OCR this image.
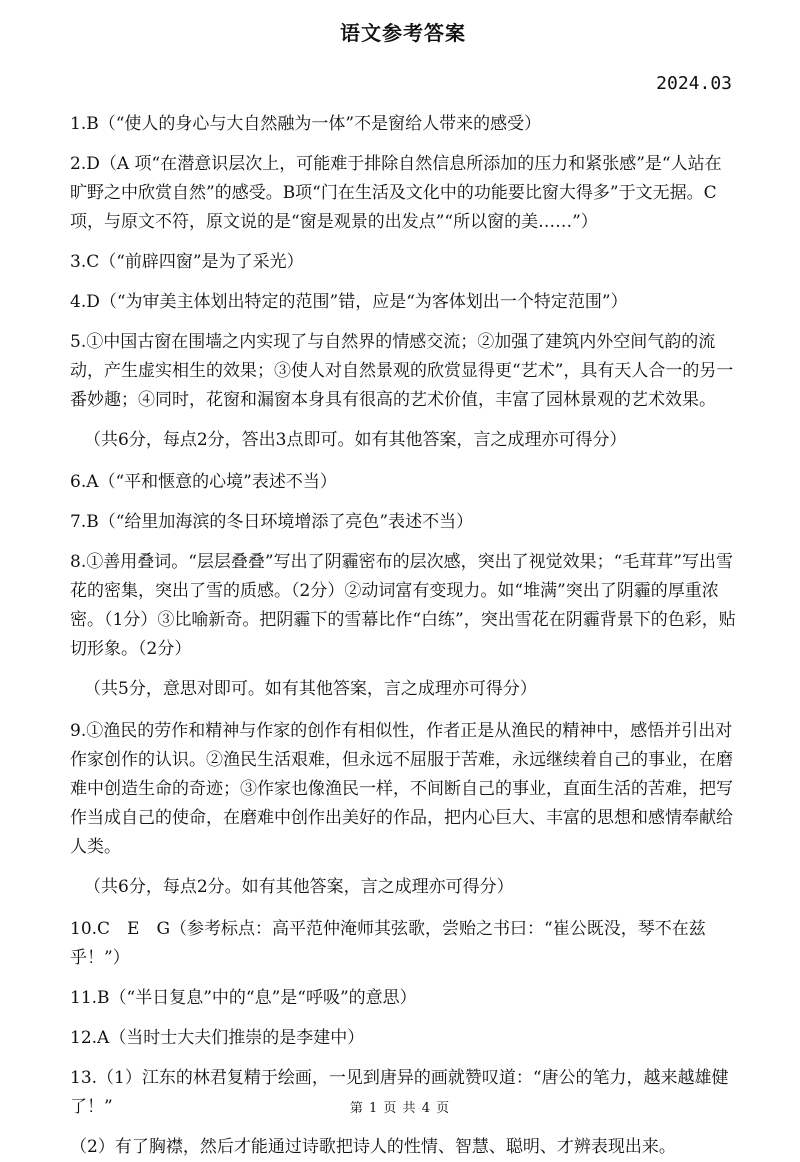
语文参考答案
2024.03

1.B（“使人的身心与大自然融为一体”不是窗给人带来的感受）

2.D（A 项“在潜意识层次上，可能难于排除自然信息所添加的压力和紧张感”是“人站在旷野之中欣赏自然”的感受。B项“门在生活及文化中的功能要比窗大得多”于文无据。C 项，与原文不符，原文说的是“窗是观景的出发点”“所以窗的美……”）

3.C（“前辟四窗”是为了采光）

4.D（“为审美主体划出特定的范围”错，应是“为客体划出一个特定范围”）

5.①中国古窗在围墙之内实现了与自然界的情感交流；②加强了建筑内外空间气韵的流动，产生虚实相生的效果；③使人对自然景观的欣赏显得更“艺术”，具有天人合一的另一番妙趣；④同时，花窗和漏窗本身具有很高的艺术价值，丰富了园林景观的艺术效果。

（共6分，每点2分，答出3点即可。如有其他答案，言之成理亦可得分）

6.A（“平和惬意的心境”表述不当）

7.B（“给里加海滨的冬日环境增添了亮色”表述不当）

8.①善用叠词。“层层叠叠”写出了阴霾密布的层次感，突出了视觉效果；“毛茸茸”写出雪花的密集，突出了雪的质感。（2分）②动词富有变现力。如“堆满”突出了阴霾的厚重浓密。（1分）③比喻新奇。把阴霾下的雪幕比作“白练”，突出雪花在阴霾背景下的色彩，贴切形象。（2分）

（共5分，意思对即可。如有其他答案，言之成理亦可得分）

9.①渔民的劳作和精神与作家的创作有相似性，作者正是从渔民的精神中，感悟并引出对作家创作的认识。②渔民生活艰难，但永远不屈服于苦难，永远继续着自己的事业，在磨难中创造生命的奇迹；③作家也像渔民一样，不间断自己的事业，直面生活的苦难，把写作当成自己的使命，在磨难中创作出美好的作品，把内心巨大、丰富的思想和感情奉献给人类。

（共6分，每点2分。如有其他答案，言之成理亦可得分）

10.C　E　G（参考标点：高平范仲淹师其弦歌，尝贻之书曰：“崔公既没，琴不在兹乎！”）

11.B（“半日复息”中的“息”是“呼吸”的意思）

12.A（当时士大夫们推崇的是李建中）

13.（1）江东的林君复精于绘画，一见到唐异的画就赞叹道：“唐公的笔力，越来越雄健了！”

（2）有了胸襟，然后才能通过诗歌把诗人的性情、智慧、聪明、才辨表现出来。

第 1 页 共 4 页
